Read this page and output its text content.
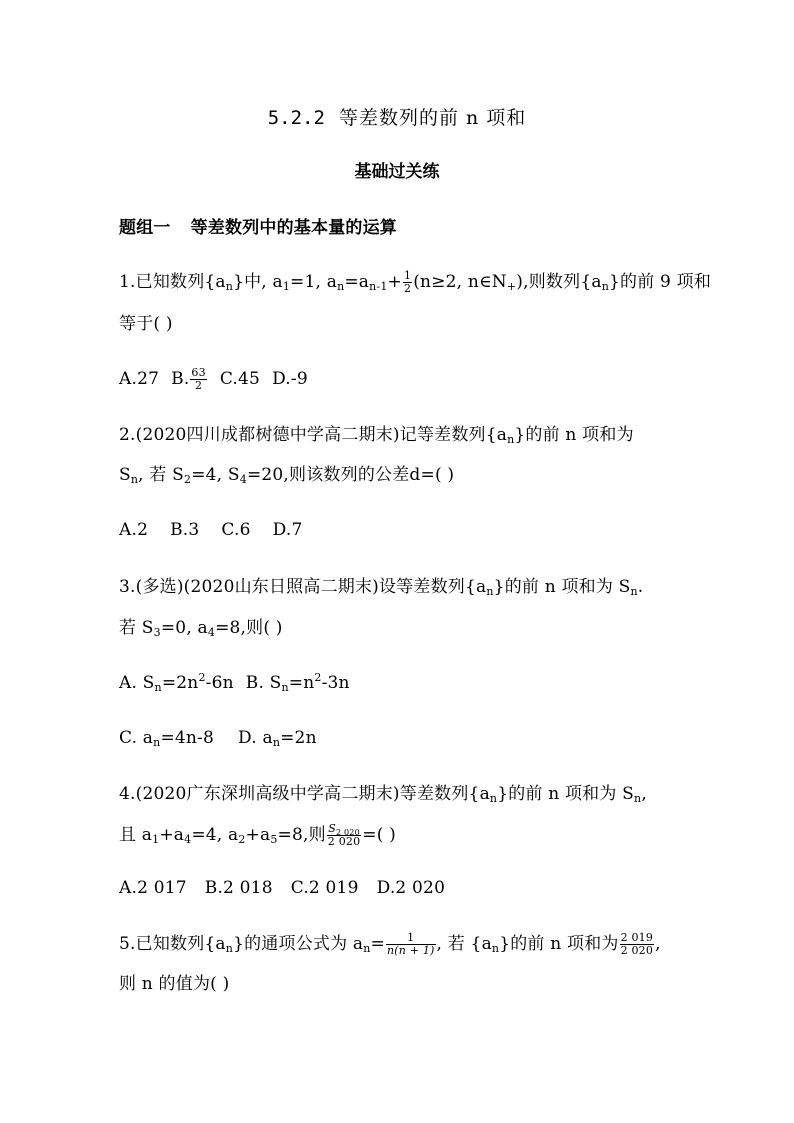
5.2.2 等差数列的前 n 项和
基础过关练
题组一 等差数列中的基本量的运算
1.已知数列$\{a_n\}$中, $a_1=1$, $a_n=a_{n-1}+ \frac{1}{2} (n\ge 2$, $n\in N_+$),则数列$\{a_n\}$的前 9 项和
等于( )
A.27 B. $\frac{63}{2} C.45$ D.-9
2.(2020四川成都树德中学高二期末)记等差数列$\{a_n\}$的前 n 项和为
$S_n$, 若 $S_2=4$, $S_4=20$,则该数列的公差d=( )
A.2 B.3 C.6 D.7
3.(多选)(2020山东日照高二期末)设等差数列$\{a_n\}$的前 n 项和为 $S_n$.
若 $S_3=0$, $a_4=8$,则( )
A. $S_n=2n^2-6n$ B. $S_n=n^2-3n$
C. $a_n=4n-8$ D. $a_n=2n$
4.(2020广东深圳高级中学高二期末)等差数列$\{a_n\}$的前 n 项和为 $S_n$,
且 $a_1+a_4=4$, $a_2+a_5=8$,则 $\frac{S_{2 020}}{2 020}$ =( )
A.2 017 B.2 018 C.2 019 D.2 020
5.已知数列$\{a_n\}$的通项公式为 $a_n= \frac{1}{n(n + 1)}$ , 若 $\{a_n\}$的前 n 项和为 $\frac{2 019}{2 020}$ ,
则 n 的值为( )
